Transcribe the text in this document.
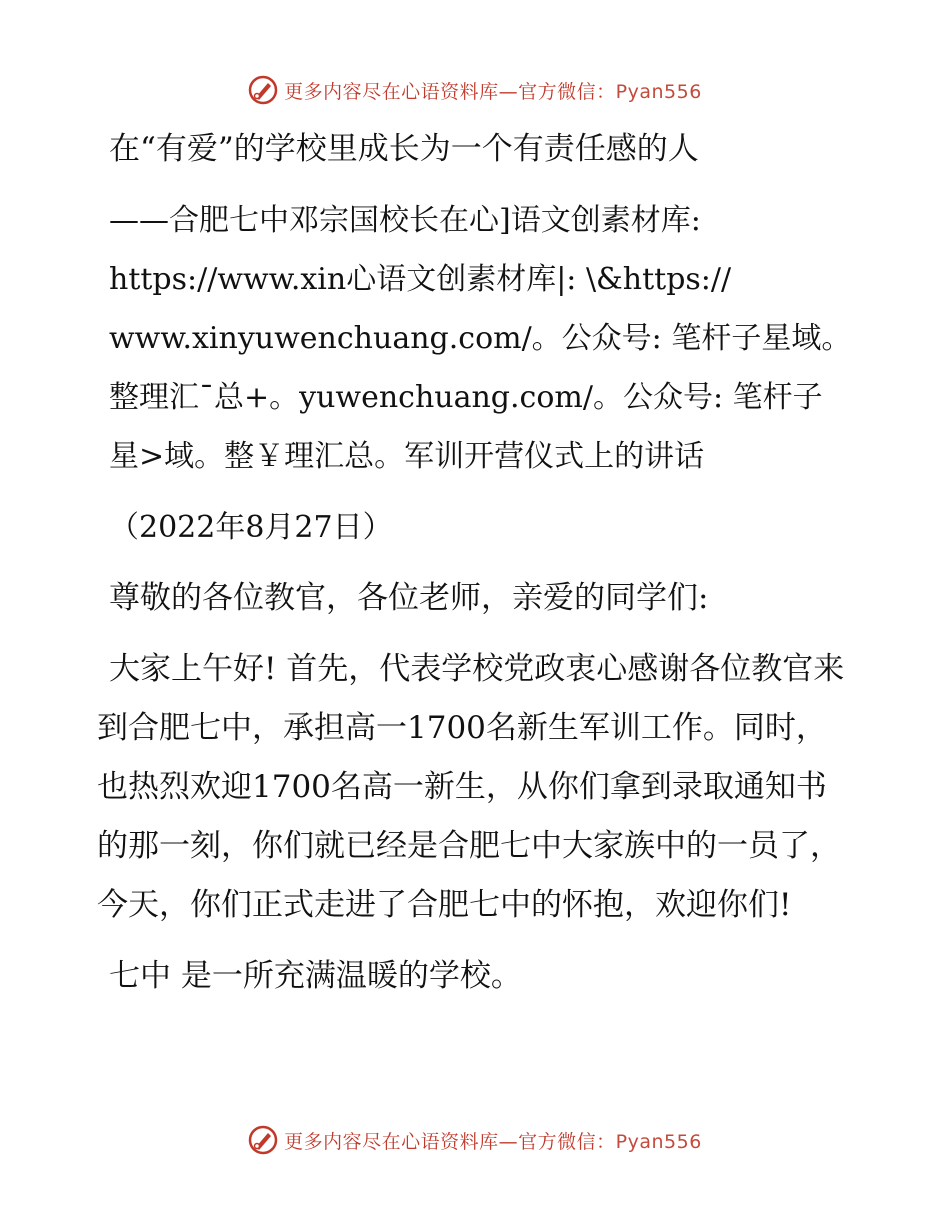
更多内容尽在心语资料库—官方微信：Pyan556

在“有爱”的学校里成长为一个有责任感的人

——合肥七中邓宗国校长在心]语文创素材库: https://www.xin心语文创素材库|: \&https:// www.xinyuwenchuang.com/。公众号: 笔杆子星域。整理汇¯总+。yuwenchuang.com/。公众号: 笔杆子星>域。整￥理汇总。军训开营仪式上的讲话

（2022年8月27日）

尊敬的各位教官，各位老师，亲爱的同学们:

大家上午好! 首先，代表学校党政衷心感谢各位教官来到合肥七中，承担高一1700名新生军训工作。同时，也热烈欢迎1700名高一新生，从你们拿到录取通知书的那一刻，你们就已经是合肥七中大家族中的一员了，今天，你们正式走进了合肥七中的怀抱，欢迎你们!

七中 是一所充满温暖的学校。

更多内容尽在心语资料库—官方微信：Pyan556
